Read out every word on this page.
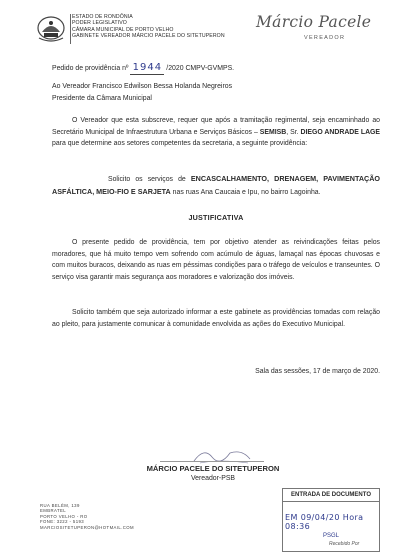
ESTADO DE RONDÔNIA
PODER LEGISLATIVO
CÂMARA MUNICIPAL DE PORTO VELHO
GABINETE VEREADOR MÁRCIO PACELE DO SITETUPERON
Márcio Pacele
VEREADOR
Pedido de providência nº 1944 /2020 CMPV-GVMPS.
Ao Vereador Francisco Edwilson Bessa Holanda Negreiros
Presidente da Câmara Municipal
O Vereador que esta subscreve, requer que após a tramitação regimental, seja encaminhado ao Secretário Municipal de Infraestrutura Urbana e Serviços Básicos – SEMISB, Sr. DIEGO ANDRADE LAGE para que determine aos setores competentes da secretaria, a seguinte providência:
Solicito os serviços de ENCASCALHAMENTO, DRENAGEM, PAVIMENTAÇÃO ASFÁLTICA, MEIO-FIO E SARJETA nas ruas Ana Caucaia e Ipu, no bairro Lagoinha.
JUSTIFICATIVA
O presente pedido de providência, tem por objetivo atender as reivindicações feitas pelos moradores, que há muito tempo vem sofrendo com acúmulo de águas, lamaçal nas épocas chuvosas e com muitos buracos, deixando as ruas em péssimas condições para o tráfego de veículos e transeuntes. O serviço visa garantir mais segurança aos moradores e valorização dos imóveis.
Solicito também que seja autorizado informar a este gabinete as providências tomadas com relação ao pleito, para justamente comunicar à comunidade envolvida as ações do Executivo Municipal.
Sala das sessões, 17 de março de 2020.
MÁRCIO PACELE DO SITETUPERON
Vereador-PSB
RUA BELÉM, 139
EMBRATEL
PORTO VELHO - RO
FONE: 3222 - 5193
MARCIOSITETUPERON@HOTMAIL.COM
ENTRADA DE DOCUMENTO
EM 09/04/20 Hora 08:36
PSGL
Recebido Por
